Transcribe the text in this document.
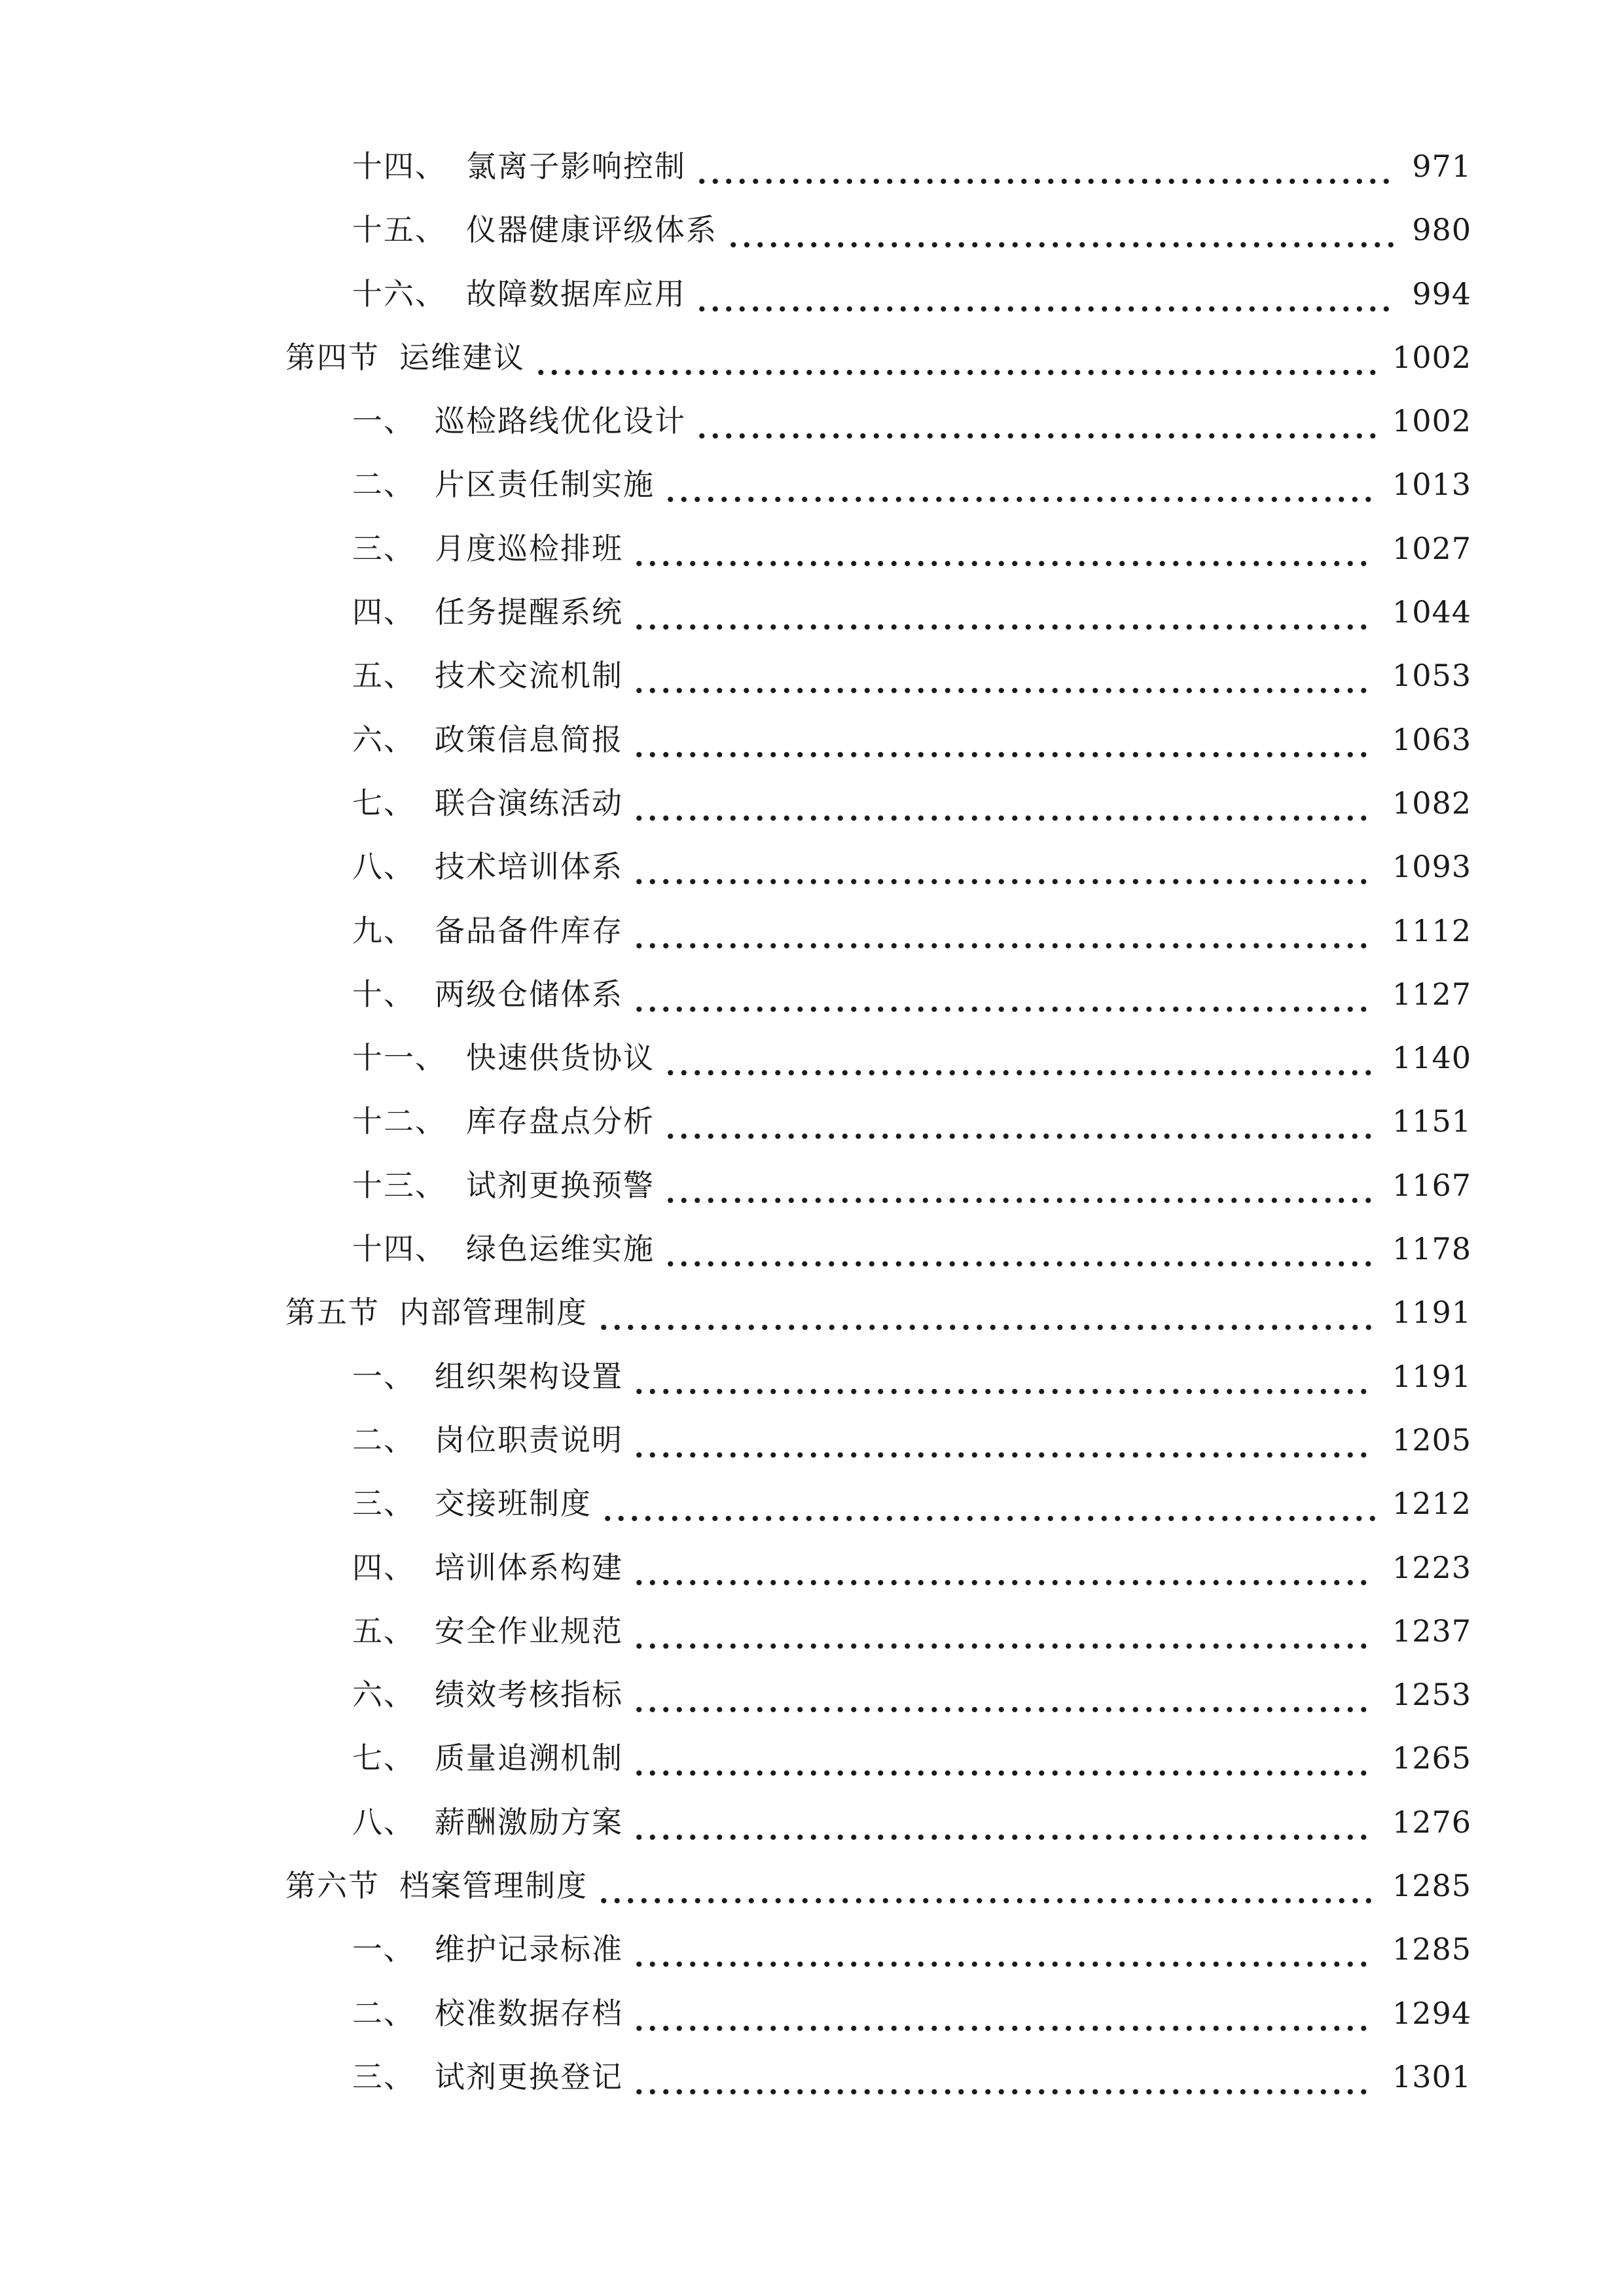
十四、 氯离子影响控制	971
十五、 仪器健康评级体系	980
十六、 故障数据库应用	994
第四节 运维建议	1002
一、 巡检路线优化设计	1002
二、 片区责任制实施	1013
三、 月度巡检排班	1027
四、 任务提醒系统	1044
五、 技术交流机制	1053
六、 政策信息简报	1063
七、 联合演练活动	1082
八、 技术培训体系	1093
九、 备品备件库存	1112
十、 两级仓储体系	1127
十一、 快速供货协议	1140
十二、 库存盘点分析	1151
十三、 试剂更换预警	1167
十四、 绿色运维实施	1178
第五节 内部管理制度	1191
一、 组织架构设置	1191
二、 岗位职责说明	1205
三、 交接班制度	1212
四、 培训体系构建	1223
五、 安全作业规范	1237
六、 绩效考核指标	1253
七、 质量追溯机制	1265
八、 薪酬激励方案	1276
第六节 档案管理制度	1285
一、 维护记录标准	1285
二、 校准数据存档	1294
三、 试剂更换登记	1301
